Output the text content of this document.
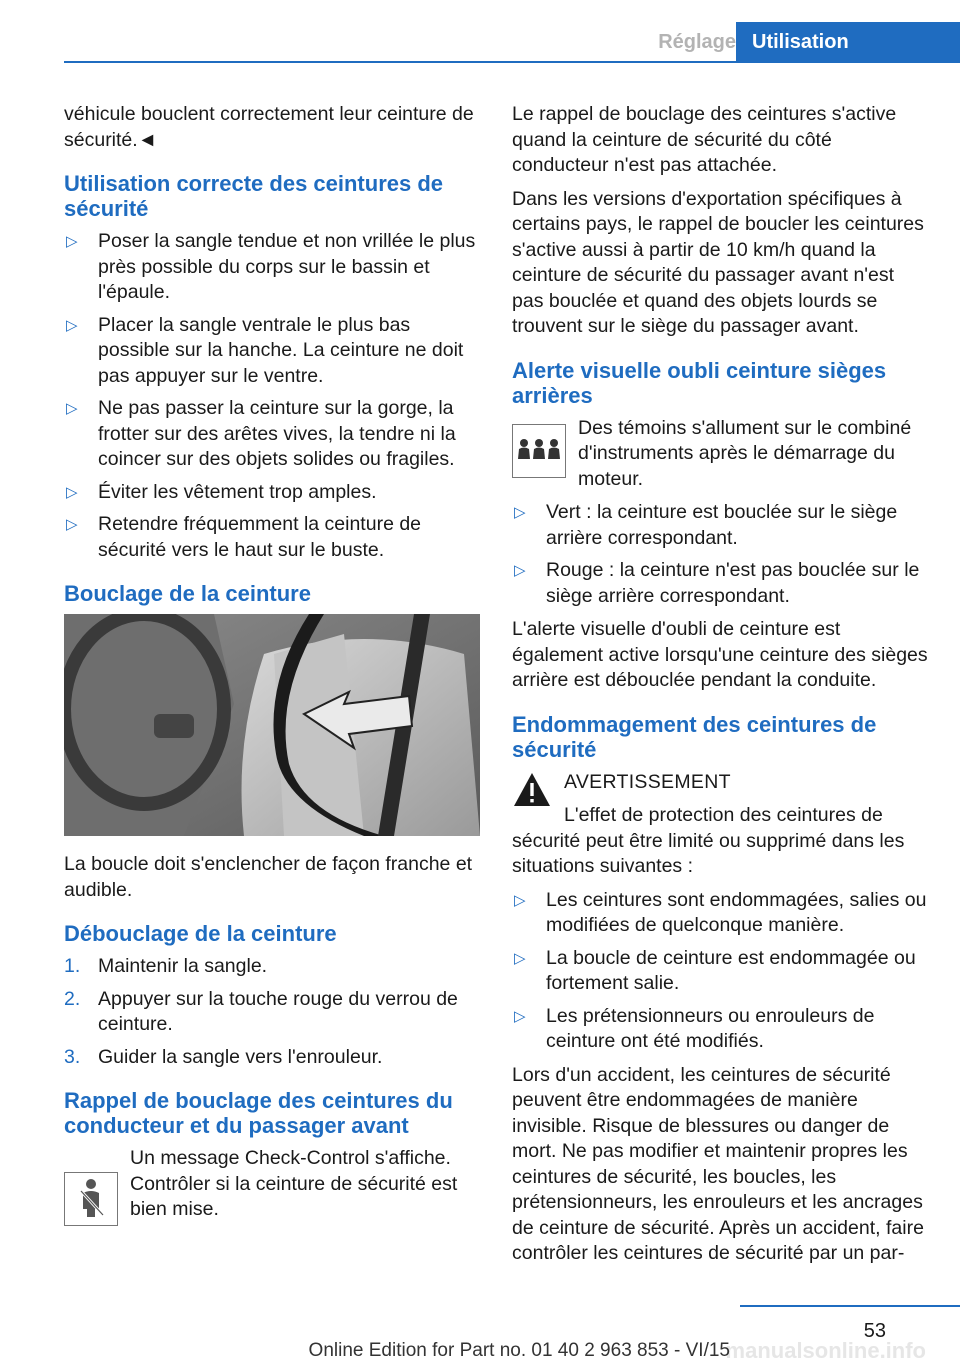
Réglage Utilisation

véhicule bouclent correctement leur ceinture de sécurité.◄

Utilisation correcte des ceintures de sécurité
▷ Poser la sangle tendue et non vrillée le plus près possible du corps sur le bassin et l'épaule.
▷ Placer la sangle ventrale le plus bas possible sur la hanche. La ceinture ne doit pas appuyer sur le ventre.
▷ Ne pas passer la ceinture sur la gorge, la frotter sur des arêtes vives, la tendre ni la coincer sur des objets solides ou fragiles.
▷ Éviter les vêtement trop amples.
▷ Retendre fréquemment la ceinture de sécurité vers le haut sur le buste.
Bouclage de la ceinture

La boucle doit s'enclencher de façon franche et audible.

Débouclage de la ceinture
1. Maintenir la sangle.
2. Appuyer sur la touche rouge du verrou de ceinture.
3. Guider la sangle vers l'enrouleur.
Rappel de bouclage des ceintures du conducteur et du passager avant

Un message Check-Control s'affiche. Contrôler si la ceinture de sécurité est bien mise.

Le rappel de bouclage des ceintures s'active quand la ceinture de sécurité du côté conducteur n'est pas attachée.

Dans les versions d'exportation spécifiques à certains pays, le rappel de boucler les ceintures s'active aussi à partir de 10 km/h quand la ceinture de sécurité du passager avant n'est pas bouclée et quand des objets lourds se trouvent sur le siège du passager avant.

Alerte visuelle oubli ceinture sièges arrières

Des témoins s'allument sur le combiné d'instruments après le démarrage du moteur.

▷ Vert : la ceinture est bouclée sur le siège arrière correspondant.
▷ Rouge : la ceinture n'est pas bouclée sur le siège arrière correspondant.

L'alerte visuelle d'oubli de ceinture est également active lorsqu'une ceinture des sièges arrière est débouclée pendant la conduite.

Endommagement des ceintures de sécurité

AVERTISSEMENT

L'effet de protection des ceintures de sécurité peut être limité ou supprimé dans les situations suivantes :

▷ Les ceintures sont endommagées, salies ou modifiées de quelconque manière.
▷ La boucle de ceinture est endommagée ou fortement salie.
▷ Les prétensionneurs ou enrouleurs de ceinture ont été modifiés.

Lors d'un accident, les ceintures de sécurité peuvent être endommagées de manière invisible. Risque de blessures ou danger de mort. Ne pas modifier et maintenir propres les ceintures de sécurité, les boucles, les prétensionneurs, les enrouleurs et les ancrages de ceinture de sécurité. Après un accident, faire contrôler les ceintures de sécurité par un par-

53
manualsonline.info
Online Edition for Part no. 01 40 2 963 853 - VI/15
